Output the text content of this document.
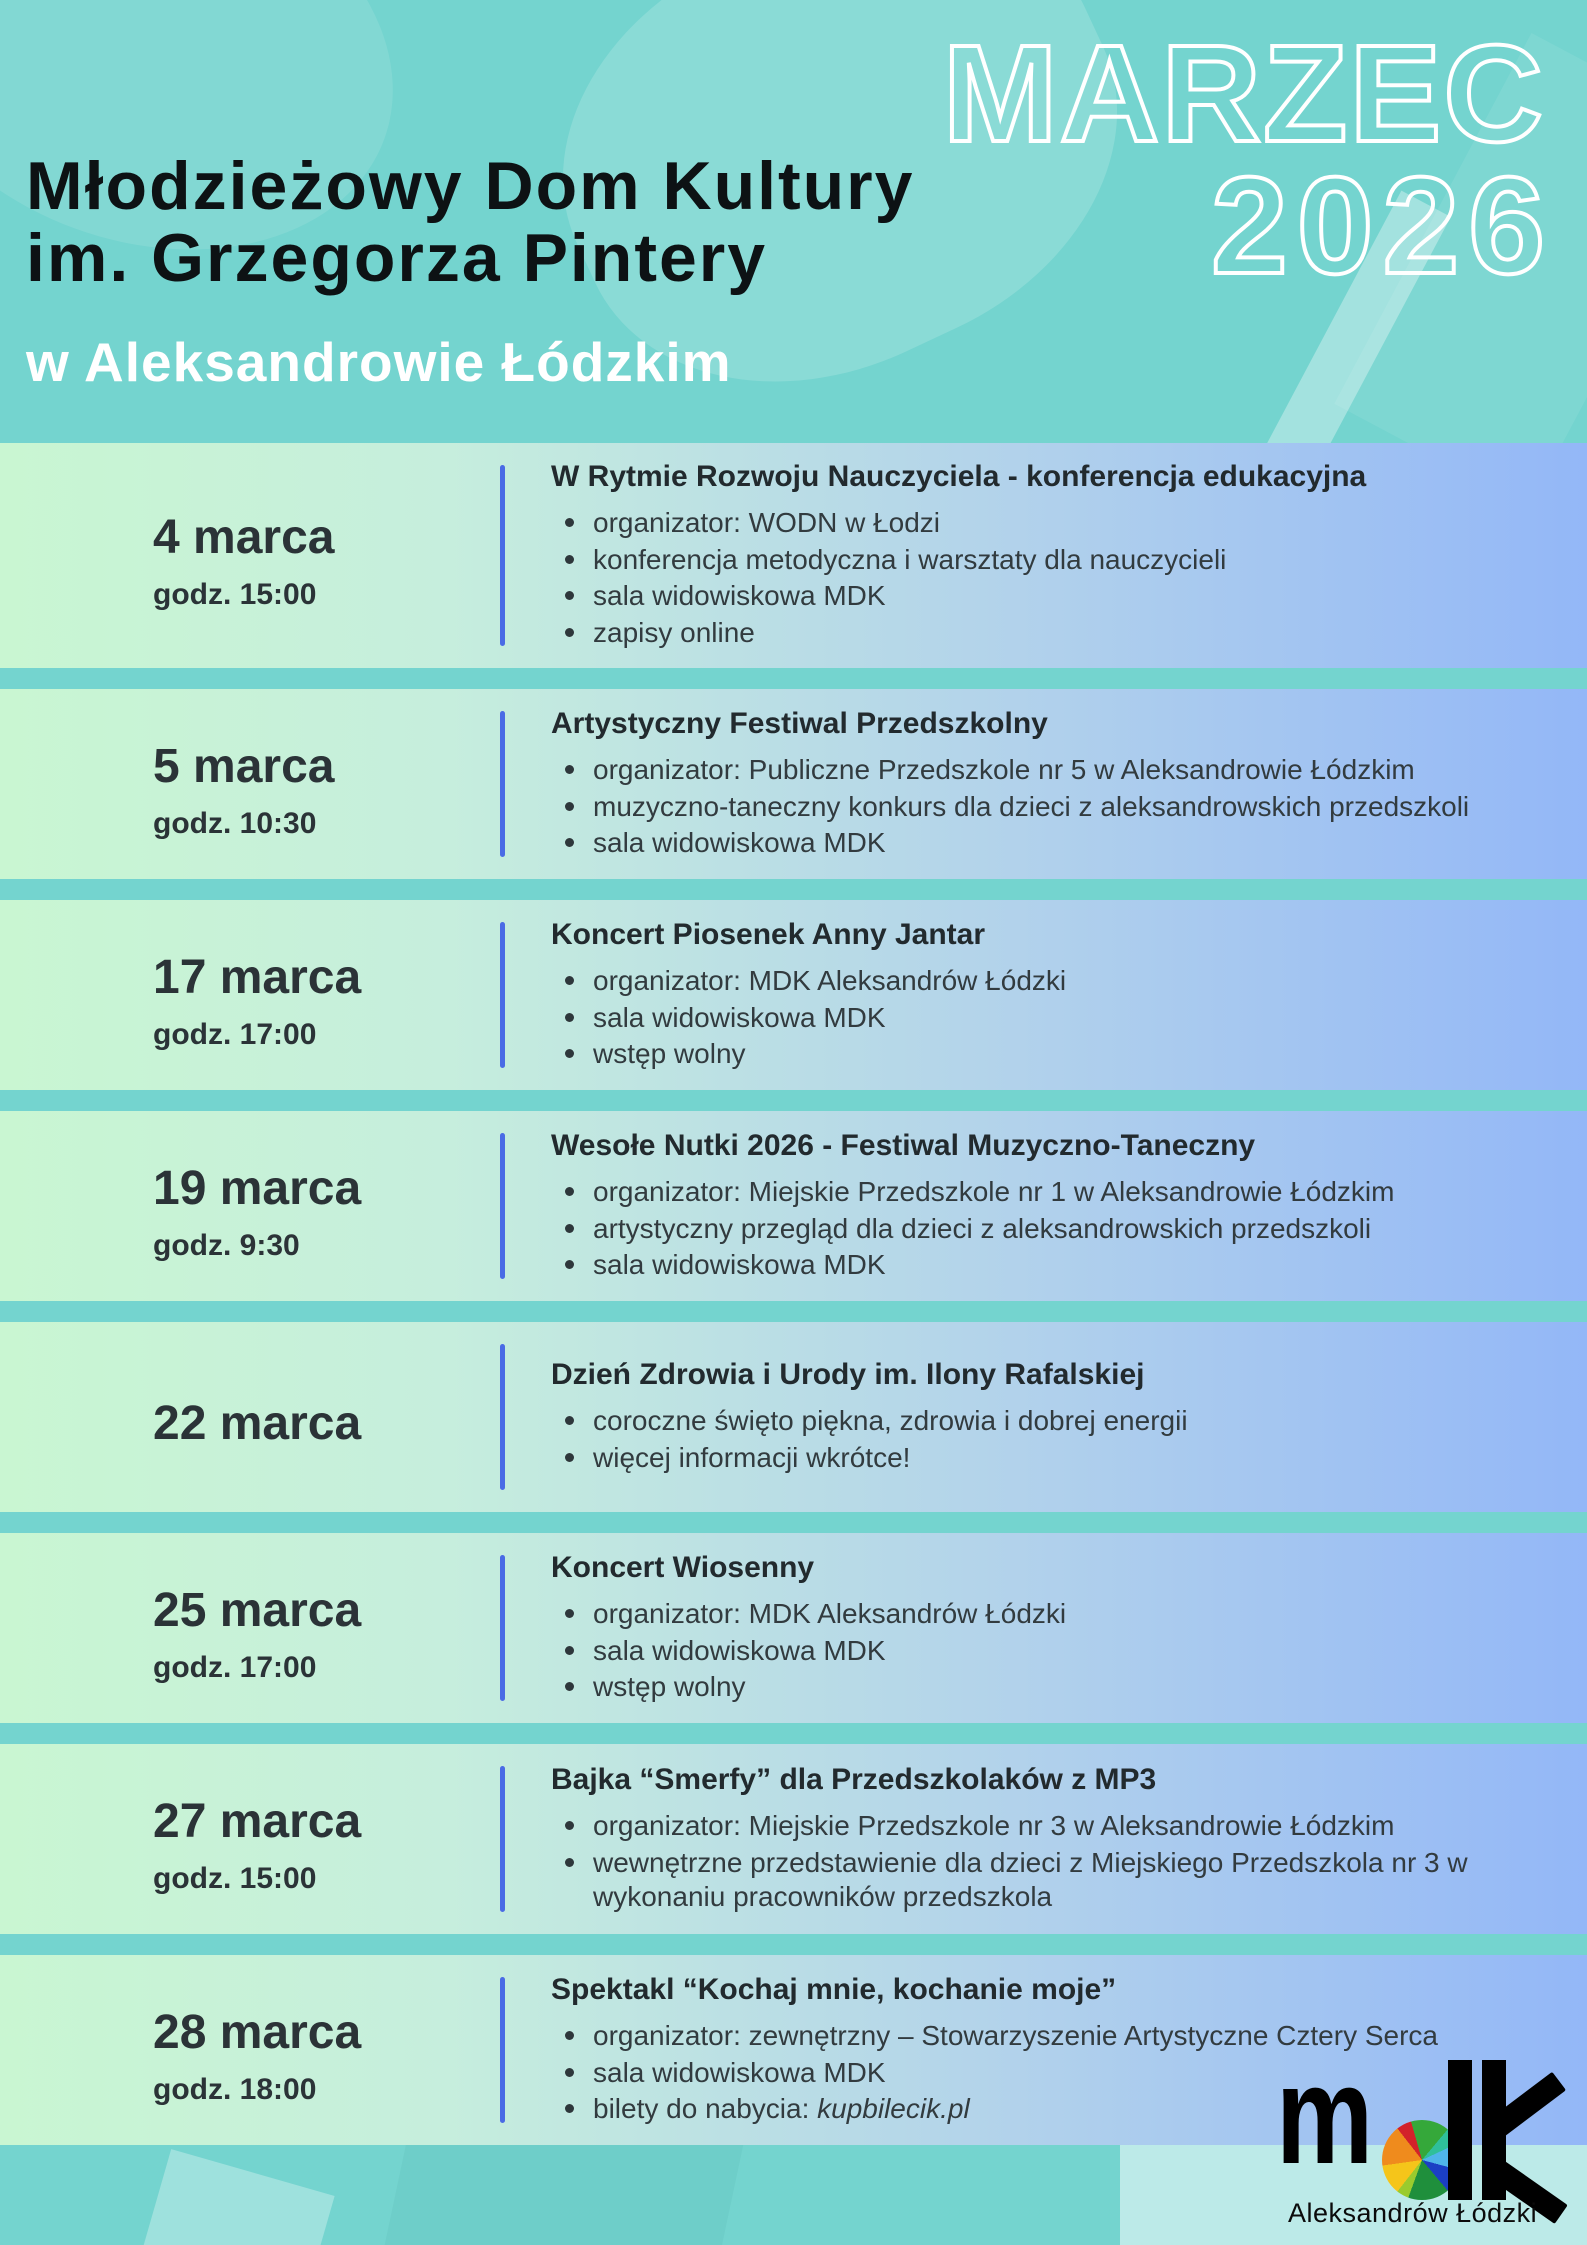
MARZEC
2026
Młodzieżowy Dom Kultury
im. Grzegorza Pintery
w Aleksandrowie Łódzkim
4 marca
godz. 15:00
W Rytmie Rozwoju Nauczyciela - konferencja edukacyjna
organizator: WODN w Łodzi
konferencja metodyczna i warsztaty dla nauczycieli
sala widowiskowa MDK
zapisy online
5 marca
godz. 10:30
Artystyczny Festiwal Przedszkolny
organizator: Publiczne Przedszkole nr 5 w Aleksandrowie Łódzkim
muzyczno-taneczny konkurs dla dzieci z aleksandrowskich przedszkoli
sala widowiskowa MDK
17 marca
godz. 17:00
Koncert Piosenek Anny Jantar
organizator: MDK Aleksandrów Łódzki
sala widowiskowa MDK
wstęp wolny
19 marca
godz. 9:30
Wesołe Nutki 2026 - Festiwal Muzyczno-Taneczny
organizator: Miejskie Przedszkole nr 1 w Aleksandrowie Łódzkim
artystyczny przegląd dla dzieci z aleksandrowskich przedszkoli
sala widowiskowa MDK
22 marca
Dzień Zdrowia i Urody im. Ilony Rafalskiej
coroczne święto piękna, zdrowia i dobrej energii
więcej informacji wkrótce!
25 marca
godz. 17:00
Koncert Wiosenny
organizator: MDK Aleksandrów Łódzki
sala widowiskowa MDK
wstęp wolny
27 marca
godz. 15:00
Bajka “Smerfy” dla Przedszkolaków z MP3
organizator: Miejskie Przedszkole nr 3 w Aleksandrowie Łódzkim
wewnętrzne przedstawienie dla dzieci z Miejskiego Przedszkola nr 3 w wykonaniu pracowników przedszkola
28 marca
godz. 18:00
Spektakl “Kochaj mnie, kochanie moje”
organizator: zewnętrzny – Stowarzyszenie Artystyczne Cztery Serca
sala widowiskowa MDK
bilety do nabycia: kupbilecik.pl	m
Aleksandrów Łódzki
